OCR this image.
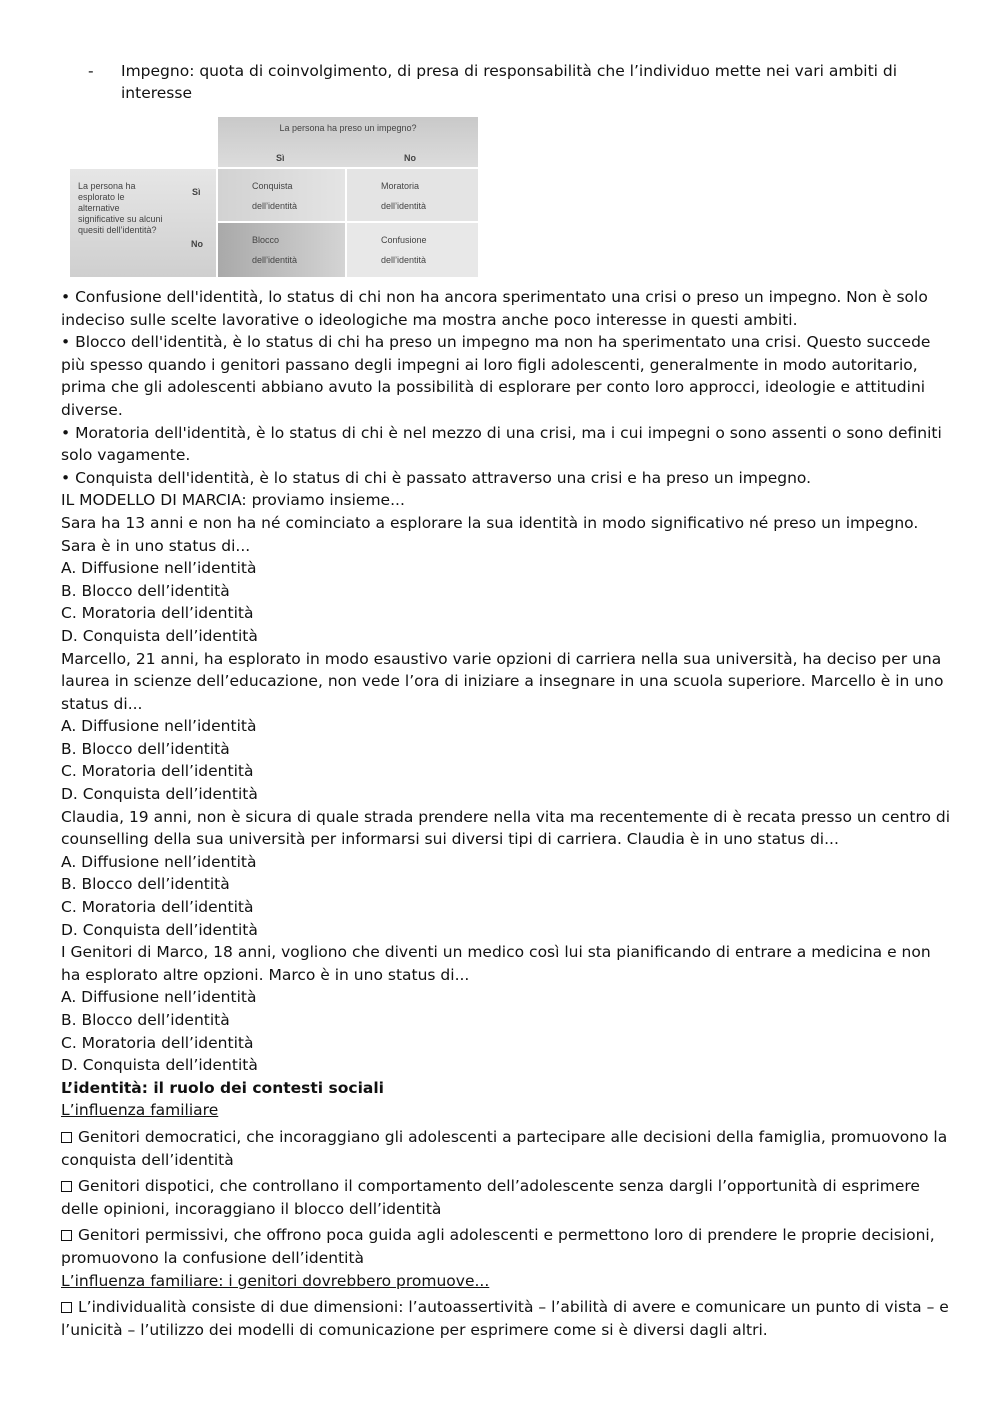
- Impegno: quota di coinvolgimento, di presa di responsabilità che l’individuo mette nei vari ambiti di interesse
La persona ha preso un impegno?
Sì	No
La persona ha esplorato le alternative significative su alcuni quesiti dell’identità?
Sì
No
Conquista
dell’identità
Moratoria
dell’identità
Blocco
dell’identità
Confusione
dell’identità

• Confusione dell'identità, lo status di chi non ha ancora sperimentato una crisi o preso un impegno. Non è solo indeciso sulle scelte lavorative o ideologiche ma mostra anche poco interesse in questi ambiti.

• Blocco dell'identità, è lo status di chi ha preso un impegno ma non ha sperimentato una crisi. Questo succede più spesso quando i genitori passano degli impegni ai loro figli adolescenti, generalmente in modo autoritario, prima che gli adolescenti abbiano avuto la possibilità di esplorare per conto loro approcci, ideologie e attitudini diverse.

• Moratoria dell'identità, è lo status di chi è nel mezzo di una crisi, ma i cui impegni o sono assenti o sono definiti solo vagamente.

• Conquista dell'identità, è lo status di chi è passato attraverso una crisi e ha preso un impegno.

IL MODELLO DI MARCIA: proviamo insieme...

Sara ha 13 anni e non ha né cominciato a esplorare la sua identità in modo significativo né preso un impegno. Sara è in uno status di...

A. Diffusione nell’identità

B. Blocco dell’identità

C. Moratoria dell’identità

D. Conquista dell’identità

Marcello, 21 anni, ha esplorato in modo esaustivo varie opzioni di carriera nella sua università, ha deciso per una laurea in scienze dell’educazione, non vede l’ora di iniziare a insegnare in una scuola superiore. Marcello è in uno status di...

A. Diffusione nell’identità

B. Blocco dell’identità

C. Moratoria dell’identità

D. Conquista dell’identità

Claudia, 19 anni, non è sicura di quale strada prendere nella vita ma recentemente di è recata presso un centro di counselling della sua università per informarsi sui diversi tipi di carriera. Claudia è in uno status di...

A. Diffusione nell’identità

B. Blocco dell’identità

C. Moratoria dell’identità

D. Conquista dell’identità

I Genitori di Marco, 18 anni, vogliono che diventi un medico così lui sta pianificando di entrare a medicina e non ha esplorato altre opzioni. Marco è in uno status di...

A. Diffusione nell’identità

B. Blocco dell’identità

C. Moratoria dell’identità

D. Conquista dell’identità

L’identità: il ruolo dei contesti sociali

L’influenza familiare

Genitori democratici, che incoraggiano gli adolescenti a partecipare alle decisioni della famiglia, promuovono la conquista dell’identità

Genitori dispotici, che controllano il comportamento dell’adolescente senza dargli l’opportunità di esprimere delle opinioni, incoraggiano il blocco dell’identità

Genitori permissivi, che offrono poca guida agli adolescenti e permettono loro di prendere le proprie decisioni, promuovono la confusione dell’identità

L’influenza familiare: i genitori dovrebbero promuove...

L’individualità consiste di due dimensioni: l’autoassertività – l’abilità di avere e comunicare un punto di vista – e l’unicità – l’utilizzo dei modelli di comunicazione per esprimere come si è diversi dagli altri.
